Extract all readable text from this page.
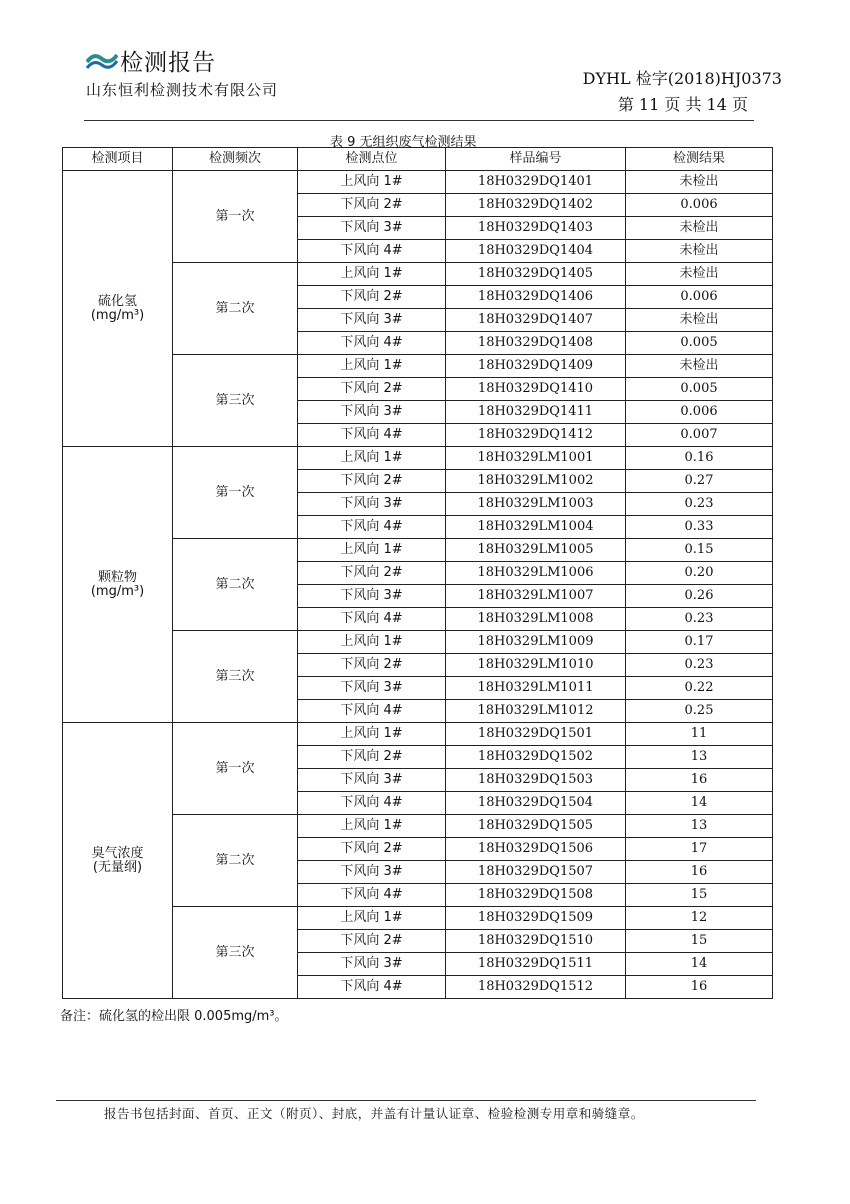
检测报告
山东恒利检测技术有限公司
DYHL 检字(2018)HJ0373
第 11 页 共 14 页
表 9 无组织废气检测结果
检测项目	检测频次	检测点位	样品编号	检测结果

硫化氢
(mg/m³)	第一次	上风向 1#	18H0329DQ1401	未检出
		下风向 2#	18H0329DQ1402	0.006
		下风向 3#	18H0329DQ1403	未检出
		下风向 4#	18H0329DQ1404	未检出
	第二次	上风向 1#	18H0329DQ1405	未检出
		下风向 2#	18H0329DQ1406	0.006
		下风向 3#	18H0329DQ1407	未检出
		下风向 4#	18H0329DQ1408	0.005
	第三次	上风向 1#	18H0329DQ1409	未检出
		下风向 2#	18H0329DQ1410	0.005
		下风向 3#	18H0329DQ1411	0.006
		下风向 4#	18H0329DQ1412	0.007

颗粒物
(mg/m³)	第一次	上风向 1#	18H0329LM1001	0.16
		下风向 2#	18H0329LM1002	0.27
		下风向 3#	18H0329LM1003	0.23
		下风向 4#	18H0329LM1004	0.33
	第二次	上风向 1#	18H0329LM1005	0.15
		下风向 2#	18H0329LM1006	0.20
		下风向 3#	18H0329LM1007	0.26
		下风向 4#	18H0329LM1008	0.23
	第三次	上风向 1#	18H0329LM1009	0.17
		下风向 2#	18H0329LM1010	0.23
		下风向 3#	18H0329LM1011	0.22
		下风向 4#	18H0329LM1012	0.25

臭气浓度
(无量纲)	第一次	上风向 1#	18H0329DQ1501	11
		下风向 2#	18H0329DQ1502	13
		下风向 3#	18H0329DQ1503	16
		下风向 4#	18H0329DQ1504	14
	第二次	上风向 1#	18H0329DQ1505	13
		下风向 2#	18H0329DQ1506	17
		下风向 3#	18H0329DQ1507	16
		下风向 4#	18H0329DQ1508	15
	第三次	上风向 1#	18H0329DQ1509	12
		下风向 2#	18H0329DQ1510	15
		下风向 3#	18H0329DQ1511	14
		下风向 4#	18H0329DQ1512	16
备注：硫化氢的检出限 0.005mg/m³。
报告书包括封面、首页、正文（附页）、封底，并盖有计量认证章、检验检测专用章和骑缝章。
